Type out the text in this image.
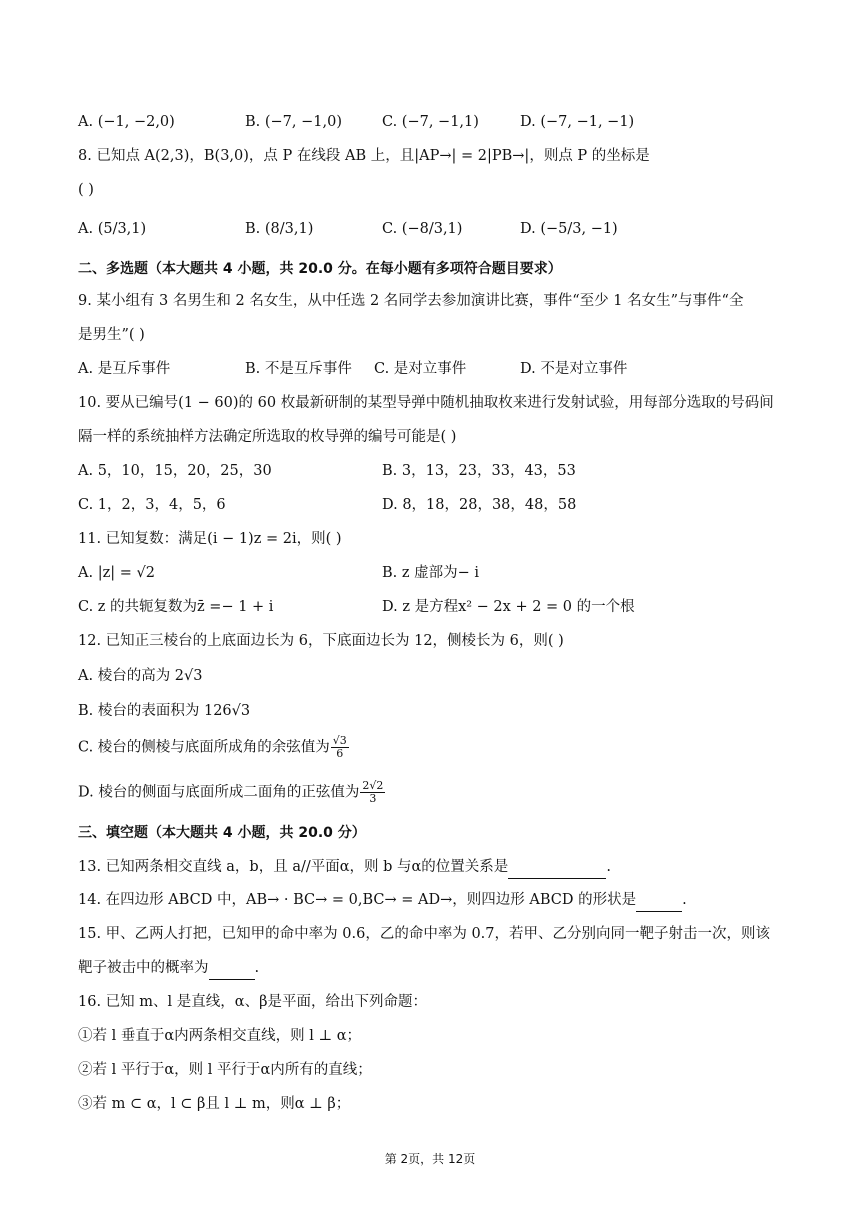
A. (−1, −2,0)	B. (−7, −1,0)	C. (−7, −1,1)	D. (−7, −1, −1)
8. 已知点 A(2,3)，B(3,0)，点 P 在线段 AB 上，且|AP→| = 2|PB→|，则点 P 的坐标是
( )
A. (5/3,1)	B. (8/3,1)	C. (−8/3,1)	D. (−5/3, −1)
二、多选题（本大题共 4 小题，共 20.0 分。在每小题有多项符合题目要求）
9. 某小组有 3 名男生和 2 名女生，从中任选 2 名同学去参加演讲比赛，事件“至少 1 名女生”与事件“全
是男生”( )
A. 是互斥事件	B. 不是互斥事件 C. 是对立事件	D. 不是对立事件
10. 要从已编号(1 − 60)的 60 枚最新研制的某型导弹中随机抽取枚来进行发射试验，用每部分选取的号码间
隔一样的系统抽样方法确定所选取的枚导弹的编号可能是( )
A. 5，10，15，20，25，30	B. 3，13，23，33，43，53
C. 1，2，3，4，5，6	D. 8，18，28，38，48，58
11. 已知复数：满足(i − 1)z = 2i，则( )
A. |z| = √2	B. z 虚部为− i
C. z 的共轭复数为z̄ =− 1 + i	D. z 是方程x² − 2x + 2 = 0 的一个根
12. 已知正三棱台的上底面边长为 6，下底面边长为 12，侧棱长为 6，则( )
A. 棱台的高为 2√3
B. 棱台的表面积为 126√3
C. 棱台的侧棱与底面所成角的余弦值为 $\frac{√3}{6}$
D. 棱台的侧面与底面所成二面角的正弦值为 $\frac{2√2}{3}$
三、填空题（本大题共 4 小题，共 20.0 分）
13. 已知两条相交直线 a，b，且 a//平面α，则 b 与α的位置关系是	.
14. 在四边形 ABCD 中，AB→ · BC→ = 0,BC→ = AD→，则四边形 ABCD 的形状是	.
15. 甲、乙两人打把，已知甲的命中率为 0.6，乙的命中率为 0.7，若甲、乙分别向同一靶子射击一次，则该
靶子被击中的概率为	.
16. 已知 m、l 是直线，α、β是平面，给出下列命题：
①若 l 垂直于α内两条相交直线，则 l ⊥ α；
②若 l 平行于α，则 l 平行于α内所有的直线；
③若 m ⊂ α，l ⊂ β且 l ⊥ m，则α ⊥ β；
第 2页，共 12页
